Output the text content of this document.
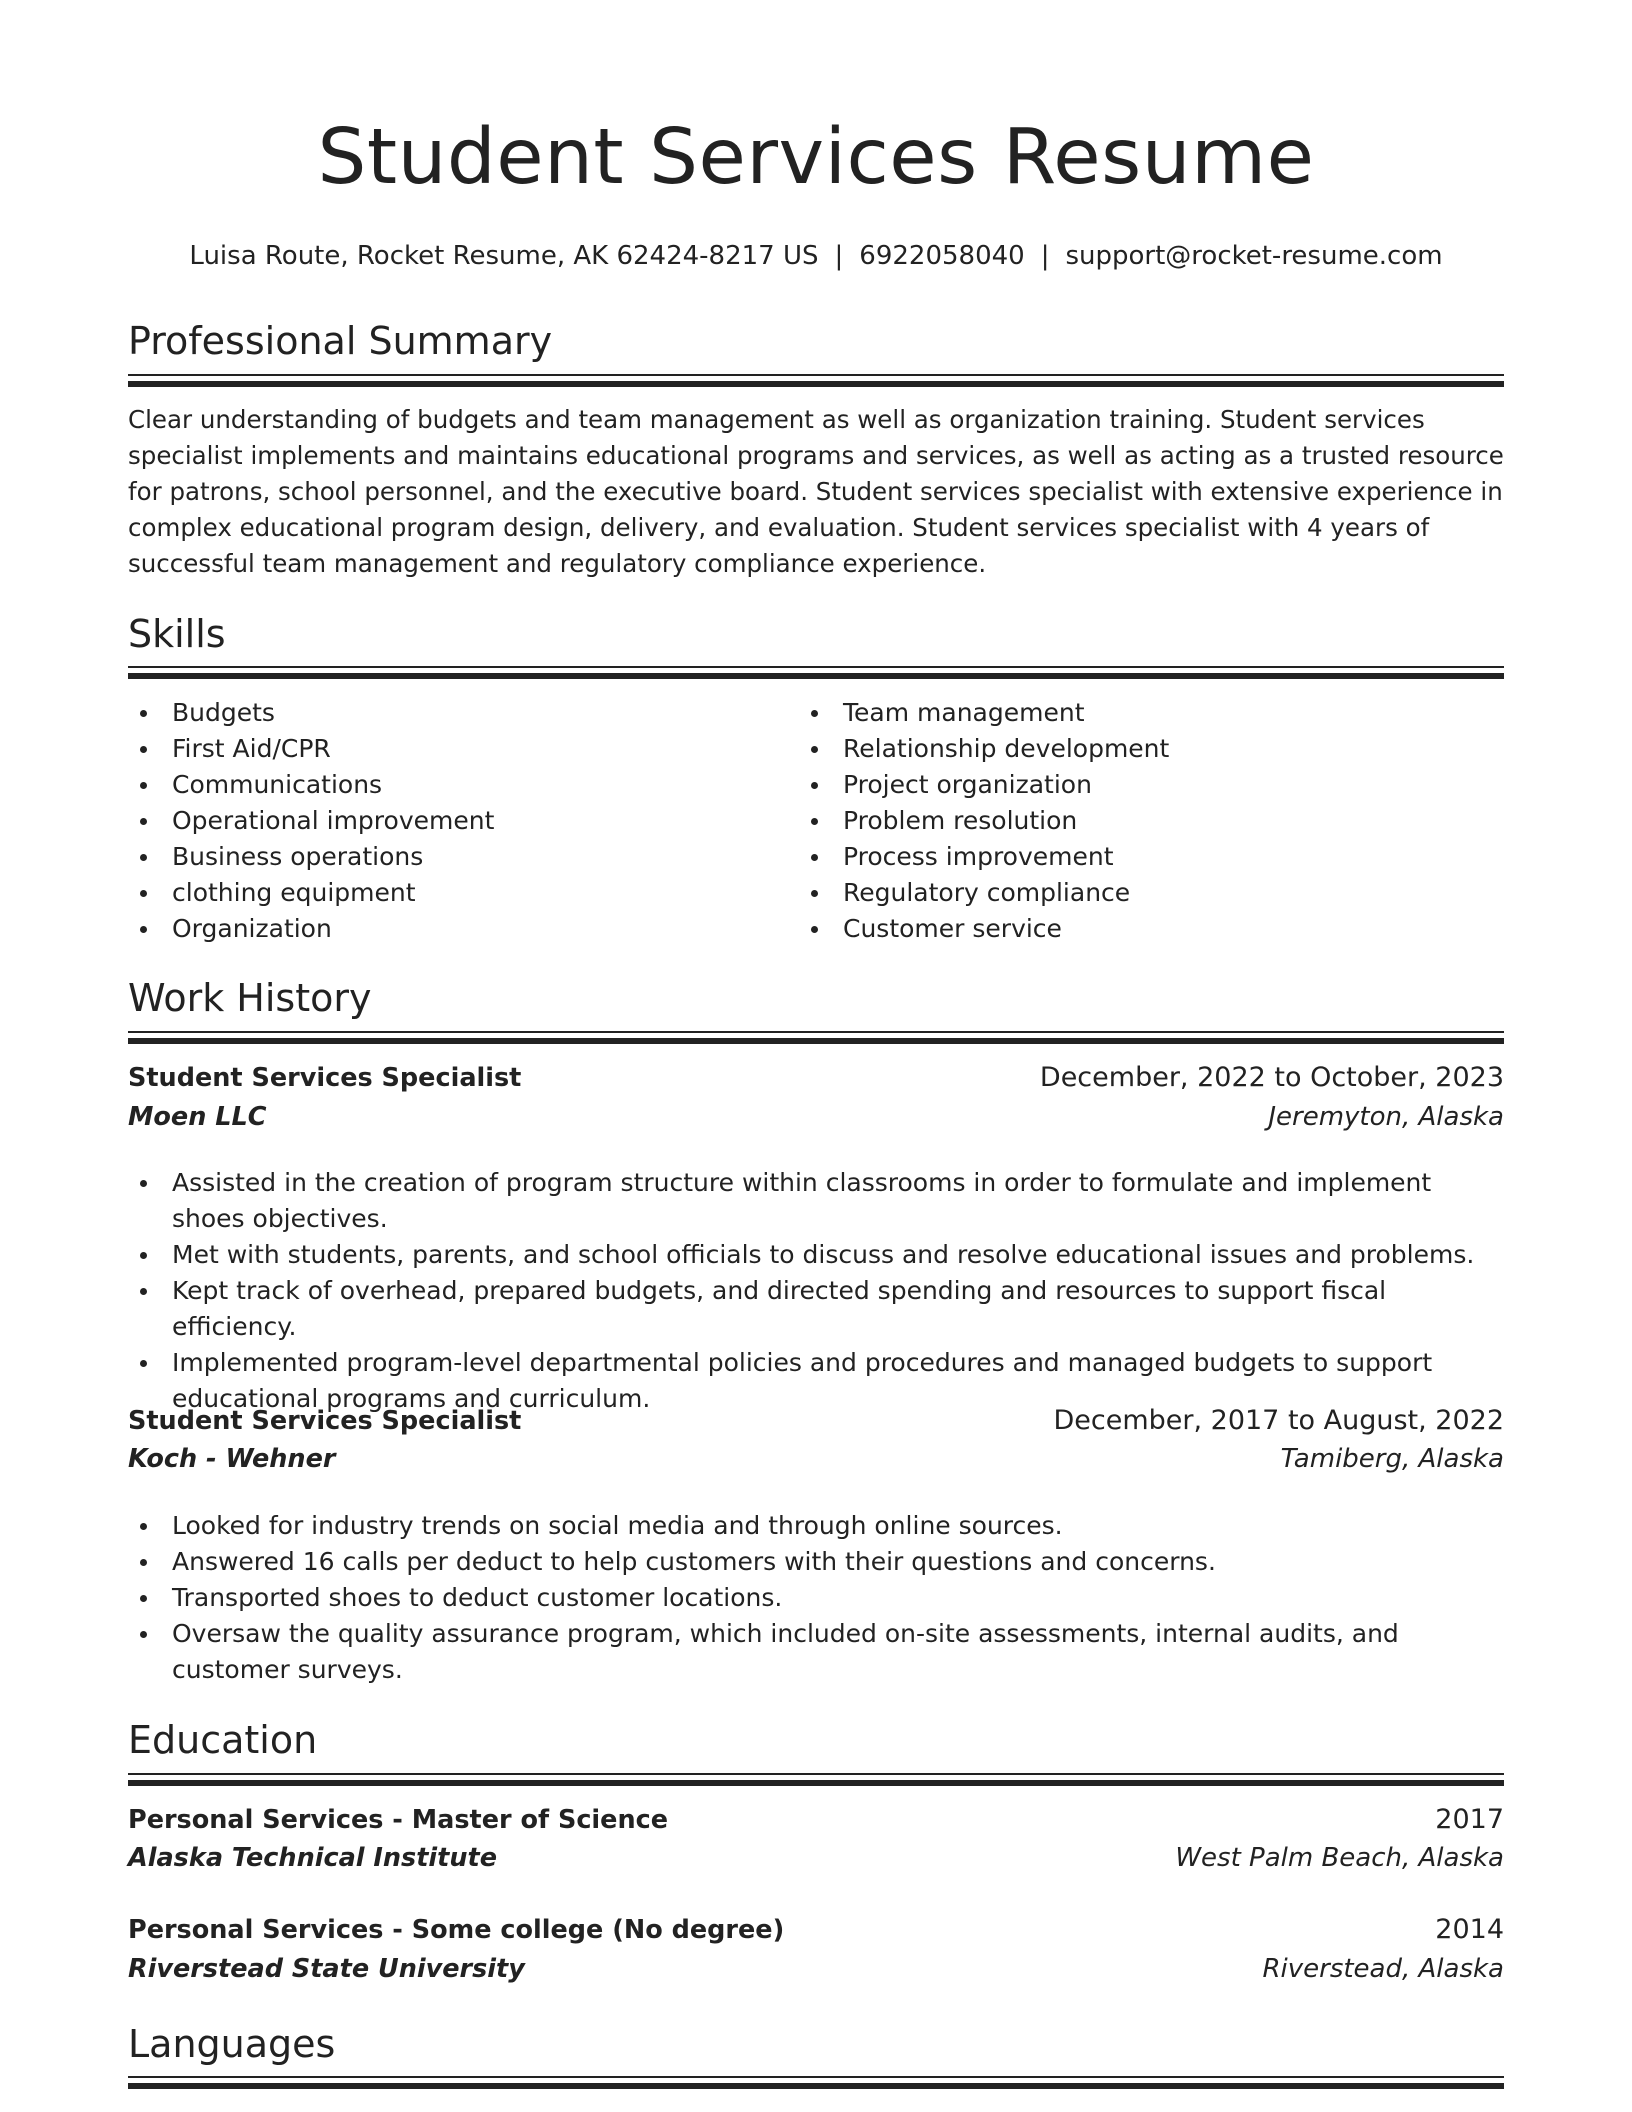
Student Services Resume
Luisa Route, Rocket Resume, AK 62424-8217 US | 6922058040 | support@rocket-resume.com
Professional Summary

Clear understanding of budgets and team management as well as organization training. Student services specialist implements and maintains educational programs and services, as well as acting as a trusted resource for patrons, school personnel, and the executive board. Student services specialist with extensive experience in complex educational program design, delivery, and evaluation. Student services specialist with 4 years of successful team management and regulatory compliance experience.

Skills
Budgets
First Aid/CPR
Communications
Operational improvement
Business operations
clothing equipment
Organization
Team management
Relationship development
Project organization
Problem resolution
Process improvement
Regulatory compliance
Customer service
Work History
Student Services Specialist	December, 2022 to October, 2023
Moen LLC	Jeremyton, Alaska
Assisted in the creation of program structure within classrooms in order to formulate and implement shoes objectives.
Met with students, parents, and school officials to discuss and resolve educational issues and problems.
Kept track of overhead, prepared budgets, and directed spending and resources to support fiscal efficiency.
Implemented program-level departmental policies and procedures and managed budgets to support educational programs and curriculum.
Student Services Specialist	December, 2017 to August, 2022
Koch - Wehner	Tamiberg, Alaska
Looked for industry trends on social media and through online sources.
Answered 16 calls per deduct to help customers with their questions and concerns.
Transported shoes to deduct customer locations.
Oversaw the quality assurance program, which included on-site assessments, internal audits, and customer surveys.
Education
Personal Services - Master of Science	2017
Alaska Technical Institute	West Palm Beach, Alaska
Personal Services - Some college (No degree)	2014
Riverstead State University	Riverstead, Alaska
Languages
